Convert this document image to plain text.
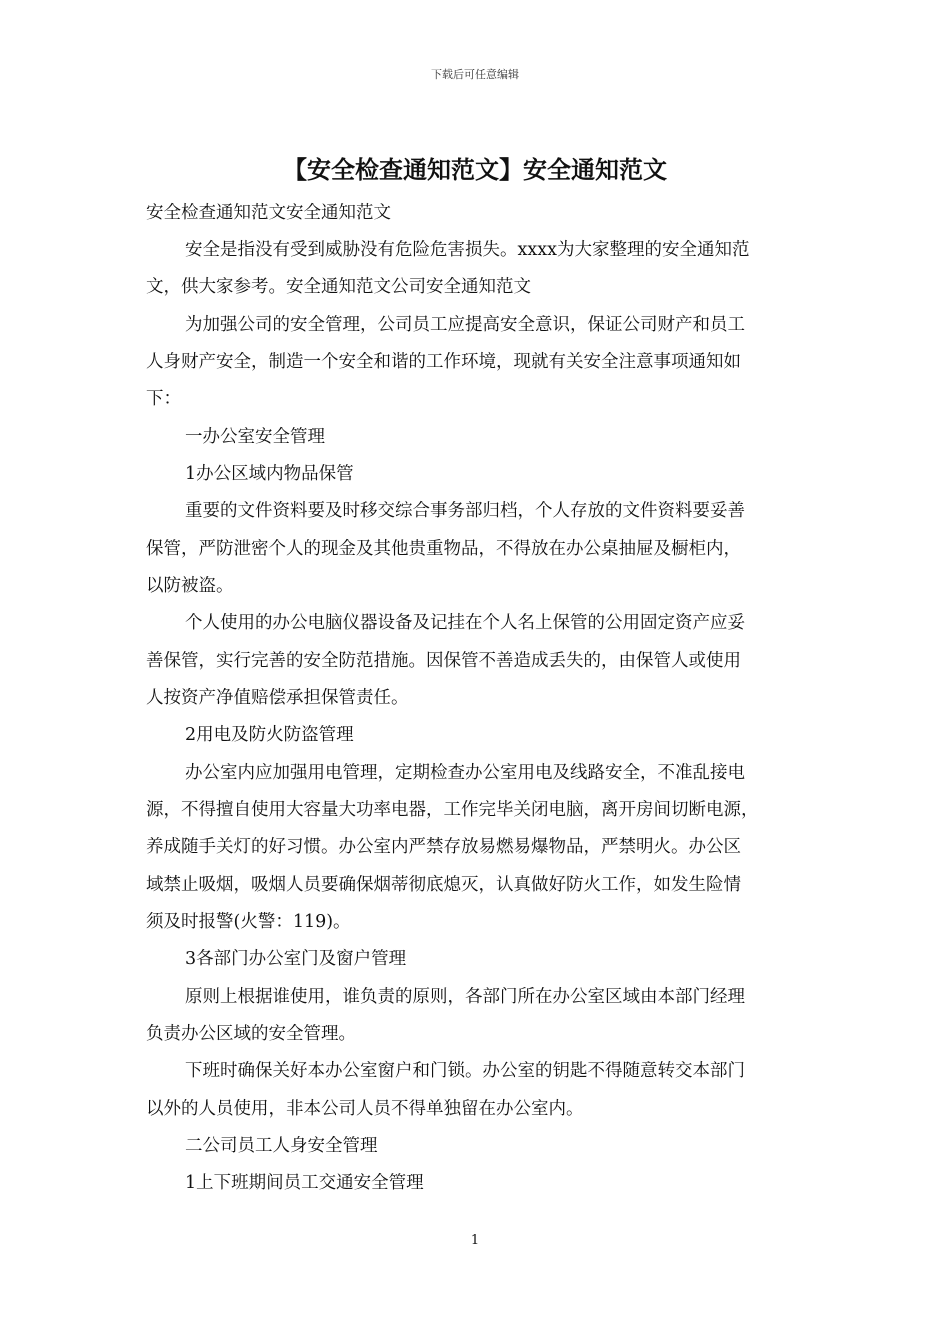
下载后可任意编辑
【安全检查通知范文】安全通知范文

安全检查通知范文安全通知范文

安全是指没有受到威胁没有危险危害损失。xxxx为大家整理的安全通知范

文，供大家参考。安全通知范文公司安全通知范文

为加强公司的安全管理，公司员工应提高安全意识，保证公司财产和员工

人身财产安全，制造一个安全和谐的工作环境，现就有关安全注意事项通知如

下：

一办公室安全管理

1办公区域内物品保管

重要的文件资料要及时移交综合事务部归档，个人存放的文件资料要妥善

保管，严防泄密个人的现金及其他贵重物品，不得放在办公桌抽屉及橱柜内，

以防被盗。

个人使用的办公电脑仪器设备及记挂在个人名上保管的公用固定资产应妥

善保管，实行完善的安全防范措施。因保管不善造成丢失的，由保管人或使用

人按资产净值赔偿承担保管责任。

2用电及防火防盗管理

办公室内应加强用电管理，定期检查办公室用电及线路安全，不准乱接电

源，不得擅自使用大容量大功率电器，工作完毕关闭电脑，离开房间切断电源，

养成随手关灯的好习惯。办公室内严禁存放易燃易爆物品，严禁明火。办公区

域禁止吸烟，吸烟人员要确保烟蒂彻底熄灭，认真做好防火工作，如发生险情

须及时报警(火警：119)。

3各部门办公室门及窗户管理

原则上根据谁使用，谁负责的原则，各部门所在办公室区域由本部门经理

负责办公区域的安全管理。

下班时确保关好本办公室窗户和门锁。办公室的钥匙不得随意转交本部门

以外的人员使用，非本公司人员不得单独留在办公室内。

二公司员工人身安全管理

1上下班期间员工交通安全管理

1
